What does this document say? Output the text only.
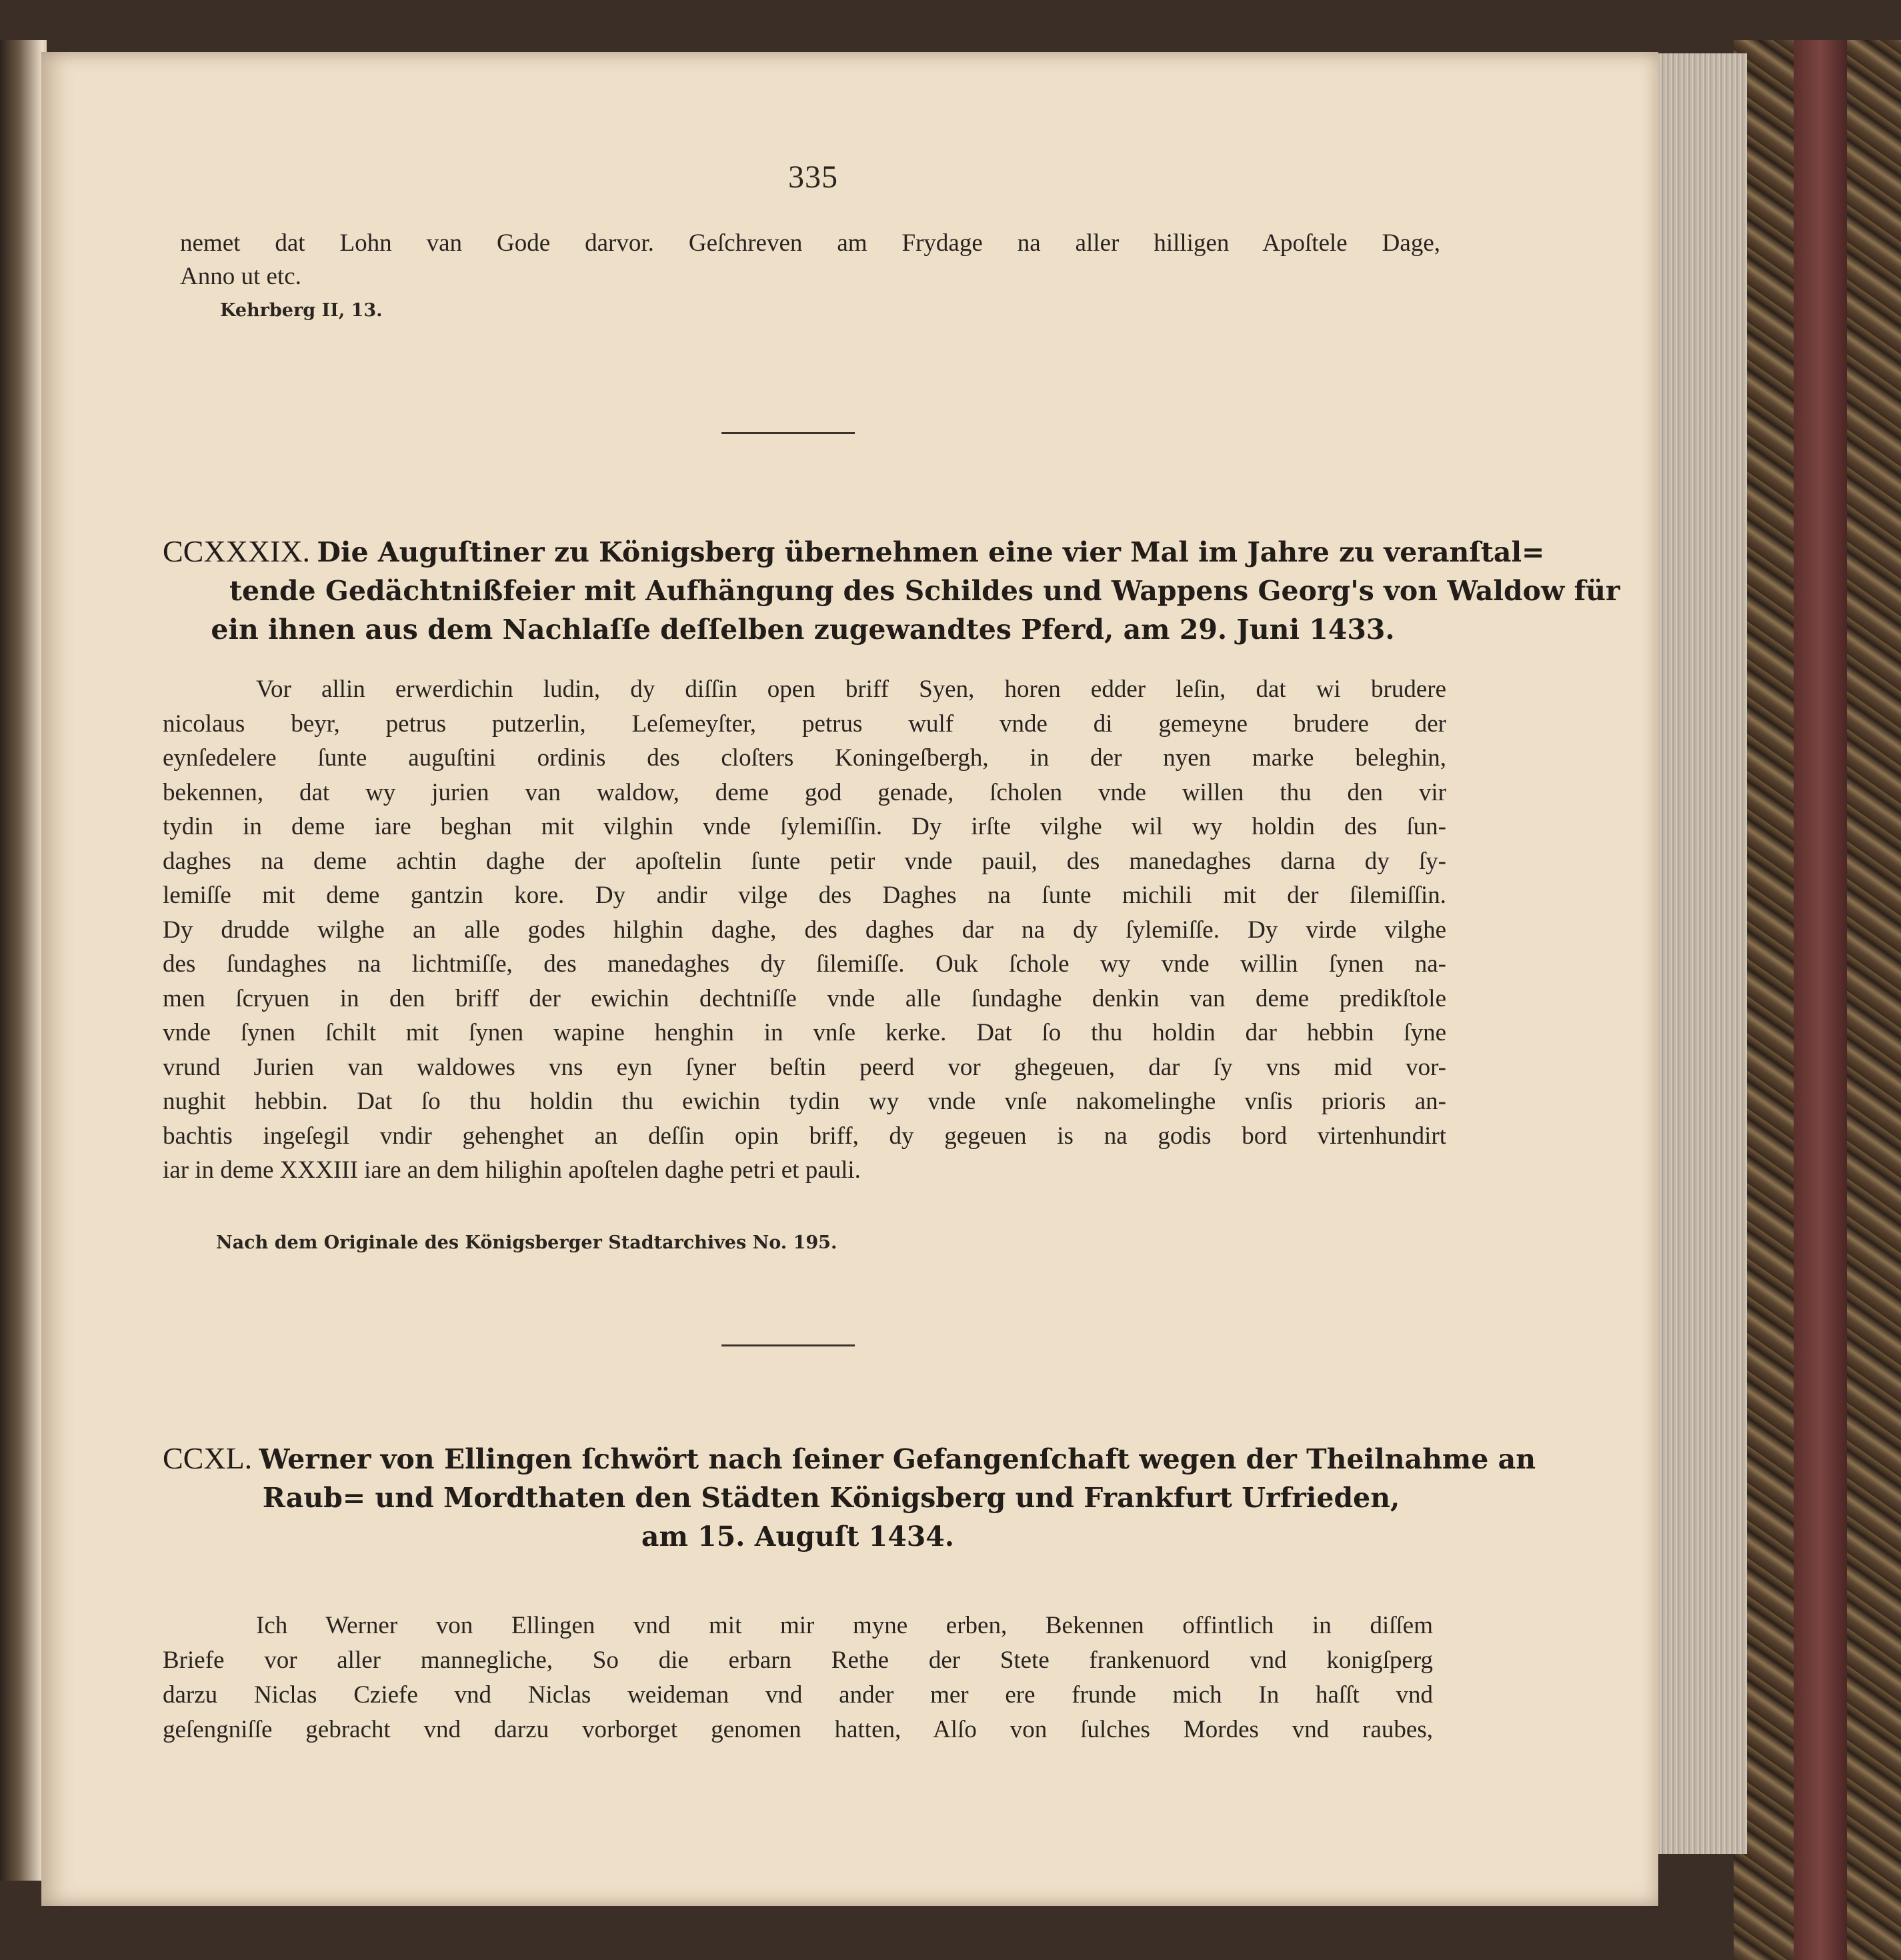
335
nemet dat Lohn van Gode darvor. Geſchreven am Frydage na aller hilligen Apoſtele Dage,
Anno ut etc.
Kehrberg II, 13.
CCXXXIX. Die Auguſtiner zu Königsberg übernehmen eine vier Mal im Jahre zu veranſtal=
tende Gedächtnißfeier mit Aufhängung des Schildes und Wappens Georg's von Waldow für
ein ihnen aus dem Nachlaſſe deſſelben zugewandtes Pferd, am 29. Juni 1433.
Vor allin erwerdichin ludin, dy diſſin open briff Syen, horen edder leſin, dat wi brudere
nicolaus beyr, petrus putzerlin, Leſemeyſter, petrus wulf vnde di gemeyne brudere der
eynſedelere ſunte auguſtini ordinis des cloſters Koningeſbergh, in der nyen marke beleghin,
bekennen, dat wy jurien van waldow, deme god genade, ſcholen vnde willen thu den vir
tydin in deme iare beghan mit vilghin vnde ſylemiſſin. Dy irſte vilghe wil wy holdin des ſun-
daghes na deme achtin daghe der apoſtelin ſunte petir vnde pauil, des manedaghes darna dy ſy-
lemiſſe mit deme gantzin kore. Dy andir vilge des Daghes na ſunte michili mit der ſilemiſſin.
Dy drudde wilghe an alle godes hilghin daghe, des daghes dar na dy ſylemiſſe. Dy virde vilghe
des ſundaghes na lichtmiſſe, des manedaghes dy ſilemiſſe. Ouk ſchole wy vnde willin ſynen na-
men ſcryuen in den briff der ewichin dechtniſſe vnde alle ſundaghe denkin van deme predikſtole
vnde ſynen ſchilt mit ſynen wapine henghin in vnſe kerke. Dat ſo thu holdin dar hebbin ſyne
vrund Jurien van waldowes vns eyn ſyner beſtin peerd vor ghegeuen, dar ſy vns mid vor-
nughit hebbin. Dat ſo thu holdin thu ewichin tydin wy vnde vnſe nakomelinghe vnſis prioris an-
bachtis ingeſegil vndir gehenghet an deſſin opin briff, dy gegeuen is na godis bord virtenhundirt
iar in deme XXXIII iare an dem hilighin apoſtelen daghe petri et pauli.
Nach dem Originale des Königsberger Stadtarchives No. 195.
CCXL. Werner von Ellingen ſchwört nach ſeiner Gefangenſchaft wegen der Theilnahme an
Raub= und Mordthaten den Städten Königsberg und Frankfurt Urfrieden,
am 15. Auguſt 1434.
Ich Werner von Ellingen vnd mit mir myne erben, Bekennen offintlich in diſſem
Briefe vor aller mannegliche, So die erbarn Rethe der Stete frankenuord vnd konigſperg
darzu Niclas Cziefe vnd Niclas weideman vnd ander mer ere frunde mich In haſſt vnd
geſengniſſe gebracht vnd darzu vorborget genomen hatten, Alſo von ſulches Mordes vnd raubes,
